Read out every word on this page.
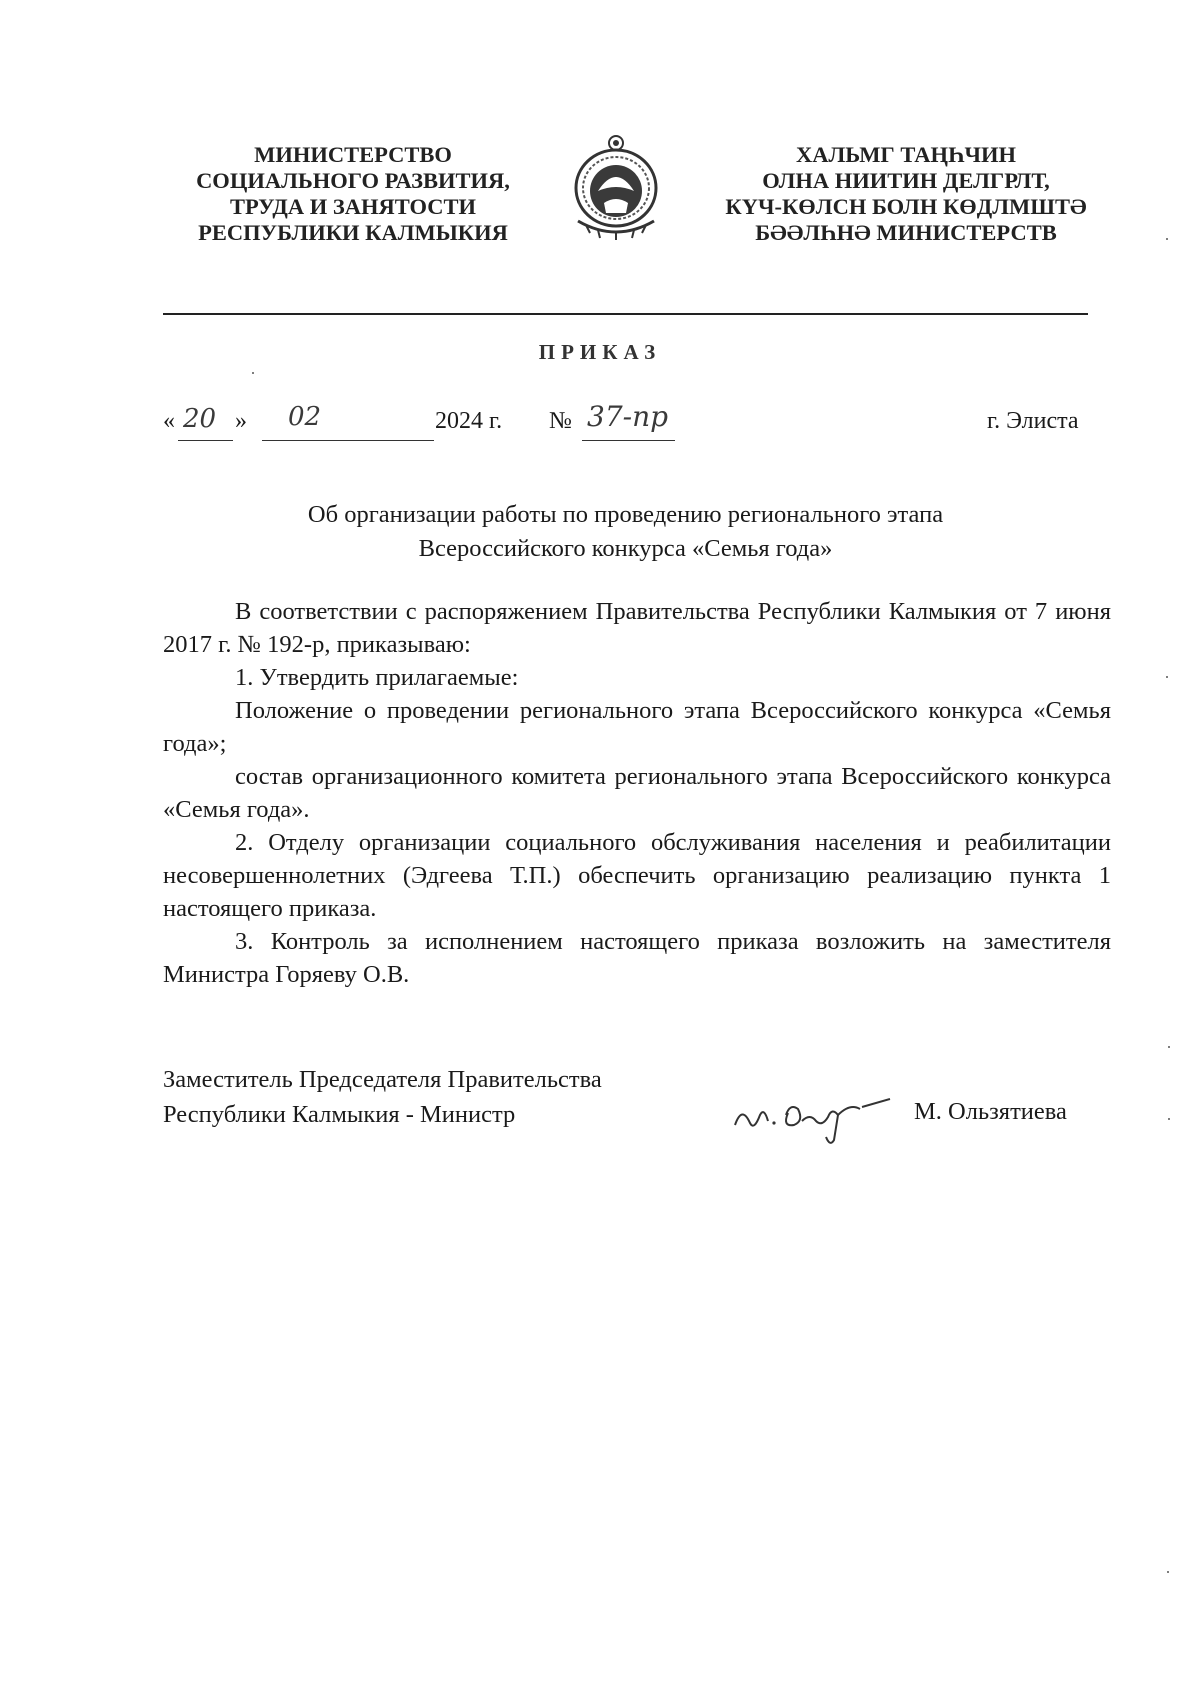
МИНИСТЕРСТВО
СОЦИАЛЬНОГО РАЗВИТИЯ,
ТРУДА И ЗАНЯТОСТИ
РЕСПУБЛИКИ КАЛМЫКИЯ
ХАЛЬМГ ТАҢҺЧИН
ОЛНА НИИТИН ДЕЛГРЛТ,
КҮЧ-КӨЛСН БОЛН КӨДЛМШТӘ
БӘӘЛҺНӘ МИНИСТЕРСТВ
ПРИКАЗ
« 20 » 02	2024 г. № 37-пр	г. Элиста
Об организации работы по проведению регионального этапа
Всероссийского конкурса «Семья года»

В соответствии с распоряжением Правительства Республики Калмыкия от 7 июня 2017 г. № 192-р, приказываю:

1. Утвердить прилагаемые:

Положение о проведении регионального этапа Всероссийского конкурса «Семья года»;

состав организационного комитета регионального этапа Всероссийского конкурса «Семья года».

2. Отделу организации социального обслуживания населения и реабилитации несовершеннолетних (Эдгеева Т.П.) обеспечить организацию реализацию пункта 1 настоящего приказа.

3. Контроль за исполнением настоящего приказа возложить на заместителя Министра Горяеву О.В.

Заместитель Председателя Правительства
Республики Калмыкия - Министр	М. Ользятиева
